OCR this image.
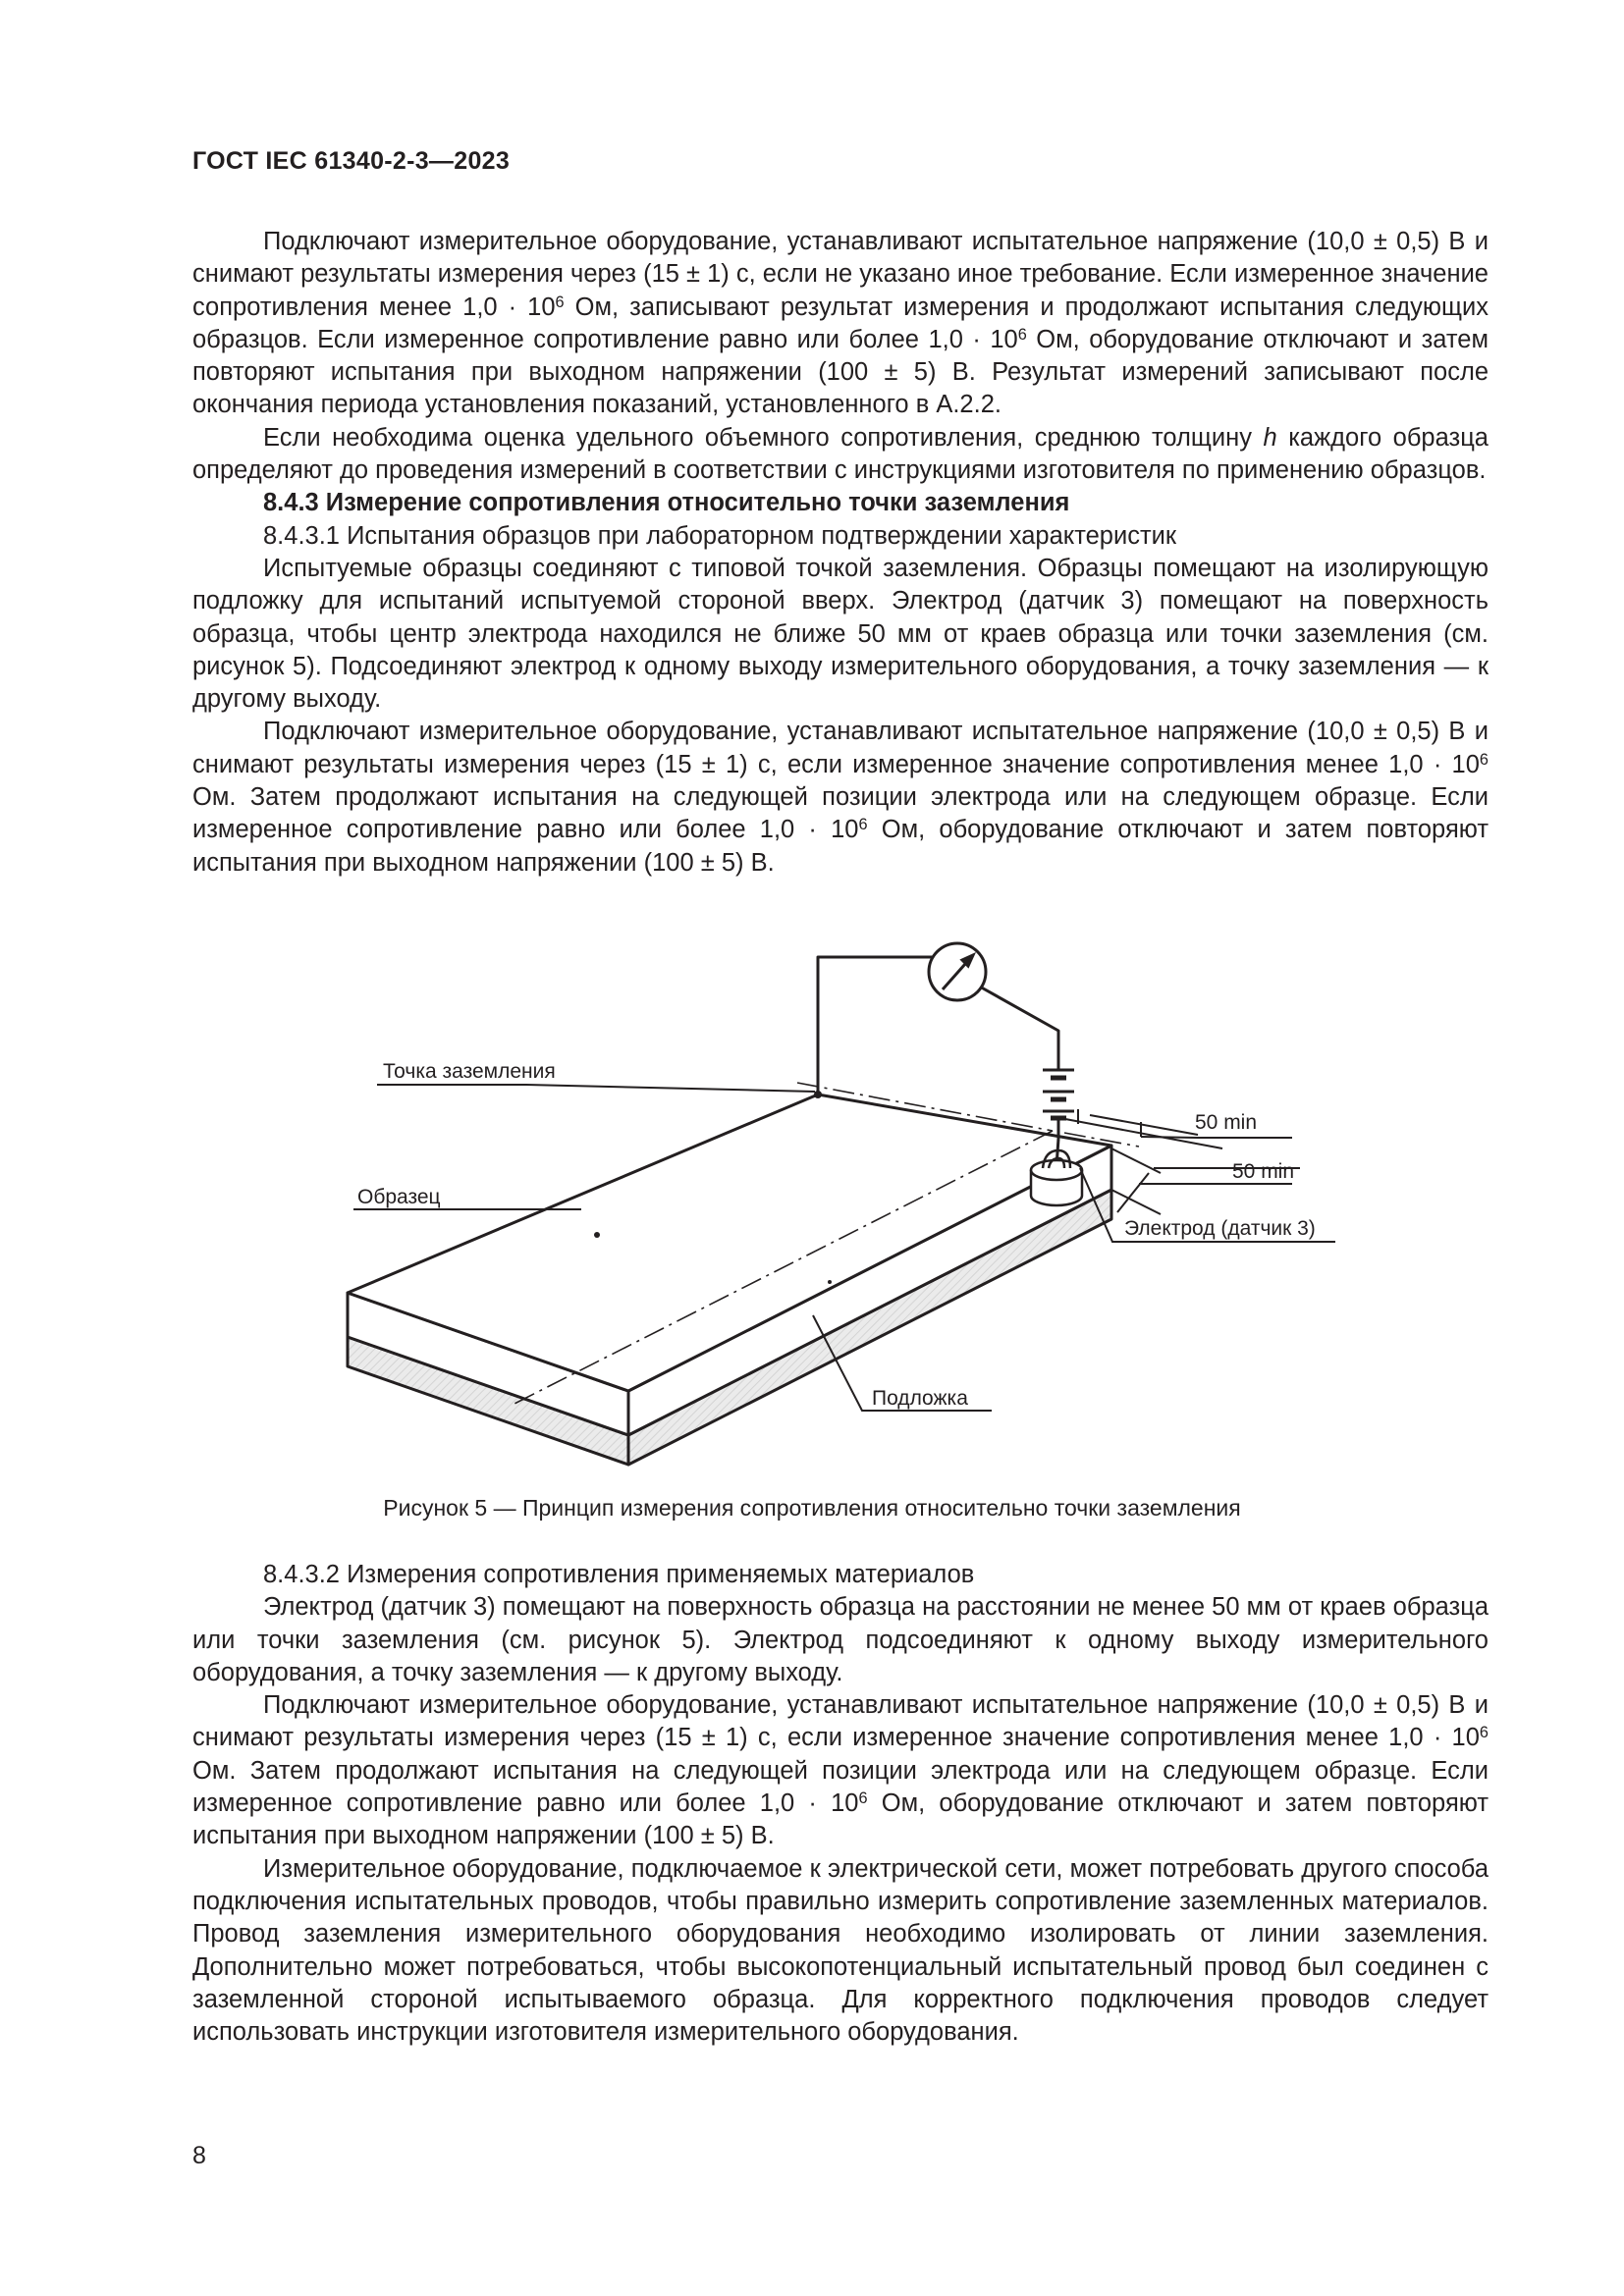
ГОСТ IEC 61340-2-3—2023

Подключают измерительное оборудование, устанавливают испытательное напряжение (10,0 ± 0,5) В и снимают результаты измерения через (15 ± 1) с, если не указано иное требование. Если измеренное значение сопротивления менее $1,0 \cdot 10^6$ Ом, записывают результат измерения и продолжают испытания следующих образцов. Если измеренное сопротивление равно или более $1,0 \cdot 10^6$ Ом, оборудование отключают и затем повторяют испытания при выходном напряжении (100 ± 5) В. Результат измерений записывают после окончания периода установления показаний, установленного в А.2.2.

Если необходима оценка удельного объемного сопротивления, среднюю толщину h каждого образца определяют до проведения измерений в соответствии с инструкциями изготовителя по применению образцов.

8.4.3 Измерение сопротивления относительно точки заземления

8.4.3.1 Испытания образцов при лабораторном подтверждении характеристик

Испытуемые образцы соединяют с типовой точкой заземления. Образцы помещают на изолирующую подложку для испытаний испытуемой стороной вверх. Электрод (датчик 3) помещают на поверхность образца, чтобы центр электрода находился не ближе 50 мм от краев образца или точки заземления (см. рисунок 5). Подсоединяют электрод к одному выходу измерительного оборудования, а точку заземления — к другому выходу.

Подключают измерительное оборудование, устанавливают испытательное напряжение (10,0 ± 0,5) В и снимают результаты измерения через (15 ± 1) с, если измеренное значение сопротивления менее $1,0 \cdot 10^6$ Ом. Затем продолжают испытания на следующей позиции электрода или на следующем образце. Если измеренное сопротивление равно или более $1,0 \cdot 10^6$ Ом, оборудование отключают и затем повторяют испытания при выходном напряжении (100 ± 5) В.

Точка заземления
Образец
50 min
50 min
Электрод (датчик 3)
Подложка
Рисунок 5 — Принцип измерения сопротивления относительно точки заземления

8.4.3.2 Измерения сопротивления применяемых материалов

Электрод (датчик 3) помещают на поверхность образца на расстоянии не менее 50 мм от краев образца или точки заземления (см. рисунок 5). Электрод подсоединяют к одному выходу измерительного оборудования, а точку заземления — к другому выходу.

Подключают измерительное оборудование, устанавливают испытательное напряжение (10,0 ± 0,5) В и снимают результаты измерения через (15 ± 1) с, если измеренное значение сопротивления менее $1,0 \cdot 10^6$ Ом. Затем продолжают испытания на следующей позиции электрода или на следующем образце. Если измеренное сопротивление равно или более $1,0 \cdot 10^6$ Ом, оборудование отключают и затем повторяют испытания при выходном напряжении (100 ± 5) В.

Измерительное оборудование, подключаемое к электрической сети, может потребовать другого способа подключения испытательных проводов, чтобы правильно измерить сопротивление заземленных материалов. Провод заземления измерительного оборудования необходимо изолировать от линии заземления. Дополнительно может потребоваться, чтобы высокопотенциальный испытательный провод был соединен с заземленной стороной испытываемого образца. Для корректного подключения проводов следует использовать инструкции изготовителя измерительного оборудования.

8
